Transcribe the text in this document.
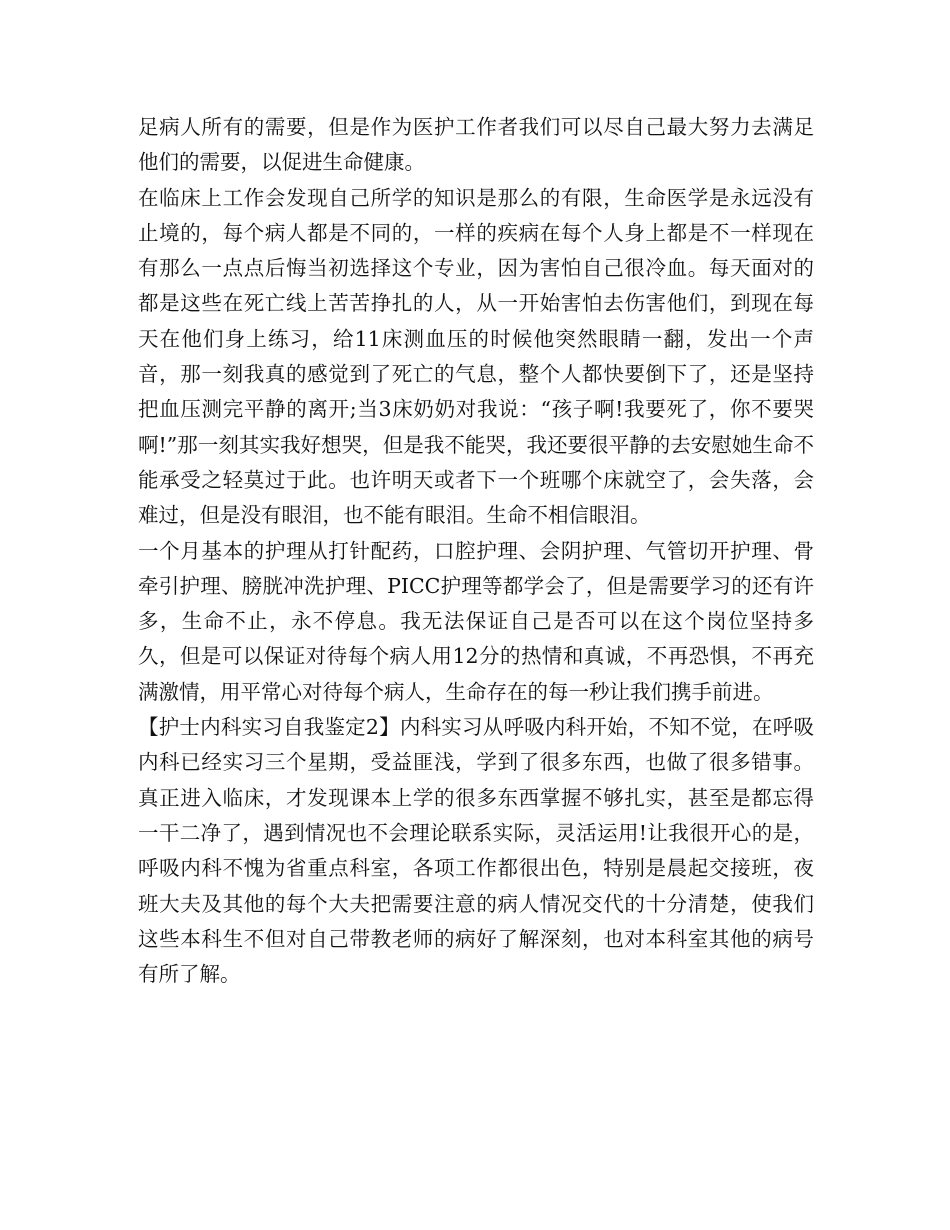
足病人所有的需要，但是作为医护工作者我们可以尽自己最大努力去满足他们的需要，以促进生命健康。

在临床上工作会发现自己所学的知识是那么的有限，生命医学是永远没有止境的，每个病人都是不同的，一样的疾病在每个人身上都是不一样现在有那么一点点后悔当初选择这个专业，因为害怕自己很冷血。每天面对的都是这些在死亡线上苦苦挣扎的人，从一开始害怕去伤害他们，到现在每天在他们身上练习，给11床测血压的时候他突然眼睛一翻，发出一个声音，那一刻我真的感觉到了死亡的气息，整个人都快要倒下了，还是坚持把血压测完平静的离开;当3床奶奶对我说：“孩子啊!我要死了，你不要哭啊!”那一刻其实我好想哭，但是我不能哭，我还要很平静的去安慰她生命不能承受之轻莫过于此。也许明天或者下一个班哪个床就空了，会失落，会难过，但是没有眼泪，也不能有眼泪。生命不相信眼泪。

一个月基本的护理从打针配药，口腔护理、会阴护理、气管切开护理、骨牵引护理、膀胱冲洗护理、PICC护理等都学会了，但是需要学习的还有许多，生命不止，永不停息。我无法保证自己是否可以在这个岗位坚持多久，但是可以保证对待每个病人用12分的热情和真诚，不再恐惧，不再充满激情，用平常心对待每个病人，生命存在的每一秒让我们携手前进。

【护士内科实习自我鉴定2】内科实习从呼吸内科开始，不知不觉，在呼吸内科已经实习三个星期，受益匪浅，学到了很多东西，也做了很多错事。真正进入临床，才发现课本上学的很多东西掌握不够扎实，甚至是都忘得一干二净了，遇到情况也不会理论联系实际，灵活运用!让我很开心的是，呼吸内科不愧为省重点科室，各项工作都很出色，特别是晨起交接班，夜班大夫及其他的每个大夫把需要注意的病人情况交代的十分清楚，使我们这些本科生不但对自己带教老师的病好了解深刻，也对本科室其他的病号有所了解。
